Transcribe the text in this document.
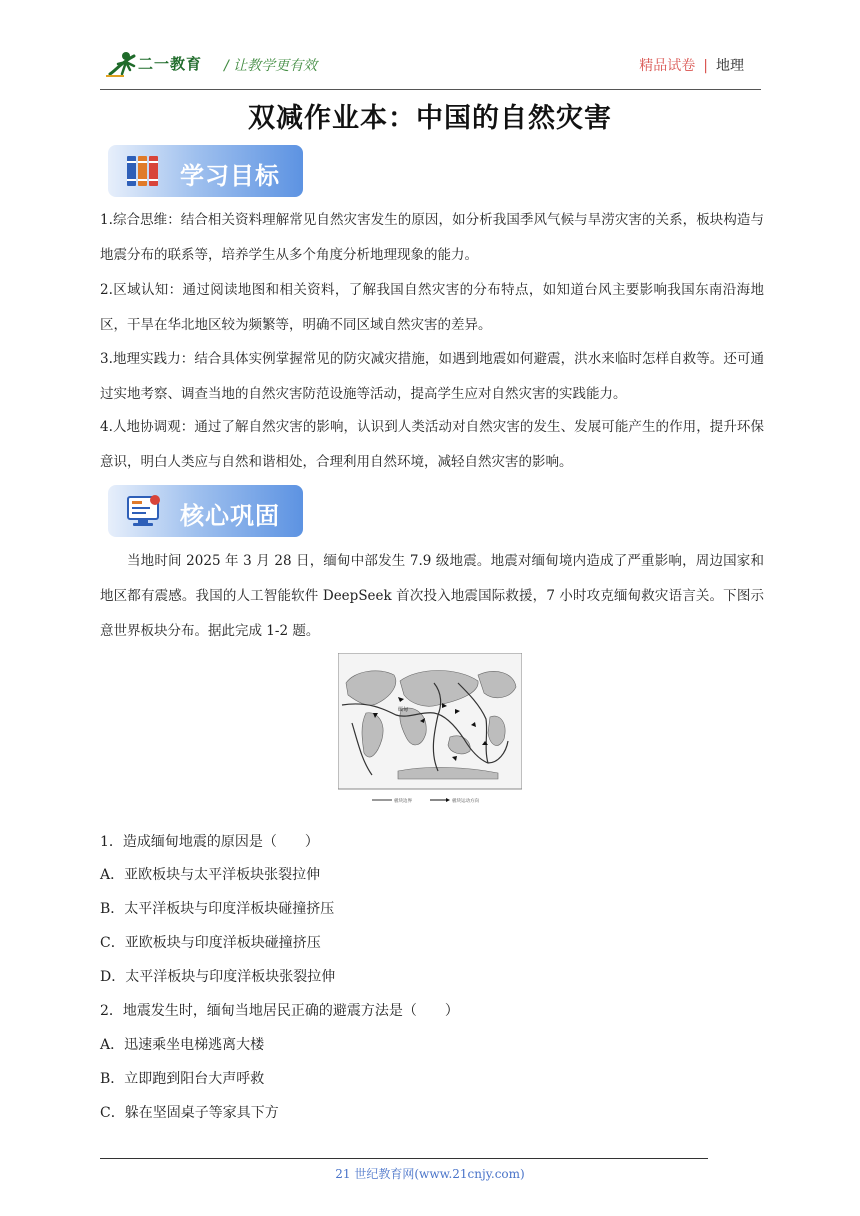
二一教育 / 让教学更有效	精品试卷 | 地理
双减作业本：中国的自然灾害
学习目标
1.综合思维：结合相关资料理解常见自然灾害发生的原因，如分析我国季风气候与旱涝灾害的关系，板块构造与地震分布的联系等，培养学生从多个角度分析地理现象的能力。
2.区域认知：通过阅读地图和相关资料，了解我国自然灾害的分布特点，如知道台风主要影响我国东南沿海地区，干旱在华北地区较为频繁等，明确不同区域自然灾害的差异。
3.地理实践力：结合具体实例掌握常见的防灾减灾措施，如遇到地震如何避震，洪水来临时怎样自救等。还可通过实地考察、调查当地的自然灾害防范设施等活动，提高学生应对自然灾害的实践能力。
4.人地协调观：通过了解自然灾害的影响，认识到人类活动对自然灾害的发生、发展可能产生的作用，提升环保意识，明白人类应与自然和谐相处，合理利用自然环境，减轻自然灾害的影响。
核心巩固
当地时间 2025 年 3 月 28 日，缅甸中部发生 7.9 级地震。地震对缅甸境内造成了严重影响，周边国家和地区都有震感。我国的人工智能软件 DeepSeek 首次投入地震国际救援，7 小时攻克缅甸救灾语言关。下图示意世界板块分布。据此完成 1-2 题。
缅甸
板块边界	板块运动方向
1．造成缅甸地震的原因是（　　）
A．亚欧板块与太平洋板块张裂拉伸
B．太平洋板块与印度洋板块碰撞挤压
C．亚欧板块与印度洋板块碰撞挤压
D．太平洋板块与印度洋板块张裂拉伸
2．地震发生时，缅甸当地居民正确的避震方法是（　　）
A．迅速乘坐电梯逃离大楼
B．立即跑到阳台大声呼救
C．躲在坚固桌子等家具下方
21 世纪教育网(www.21cnjy.com)
